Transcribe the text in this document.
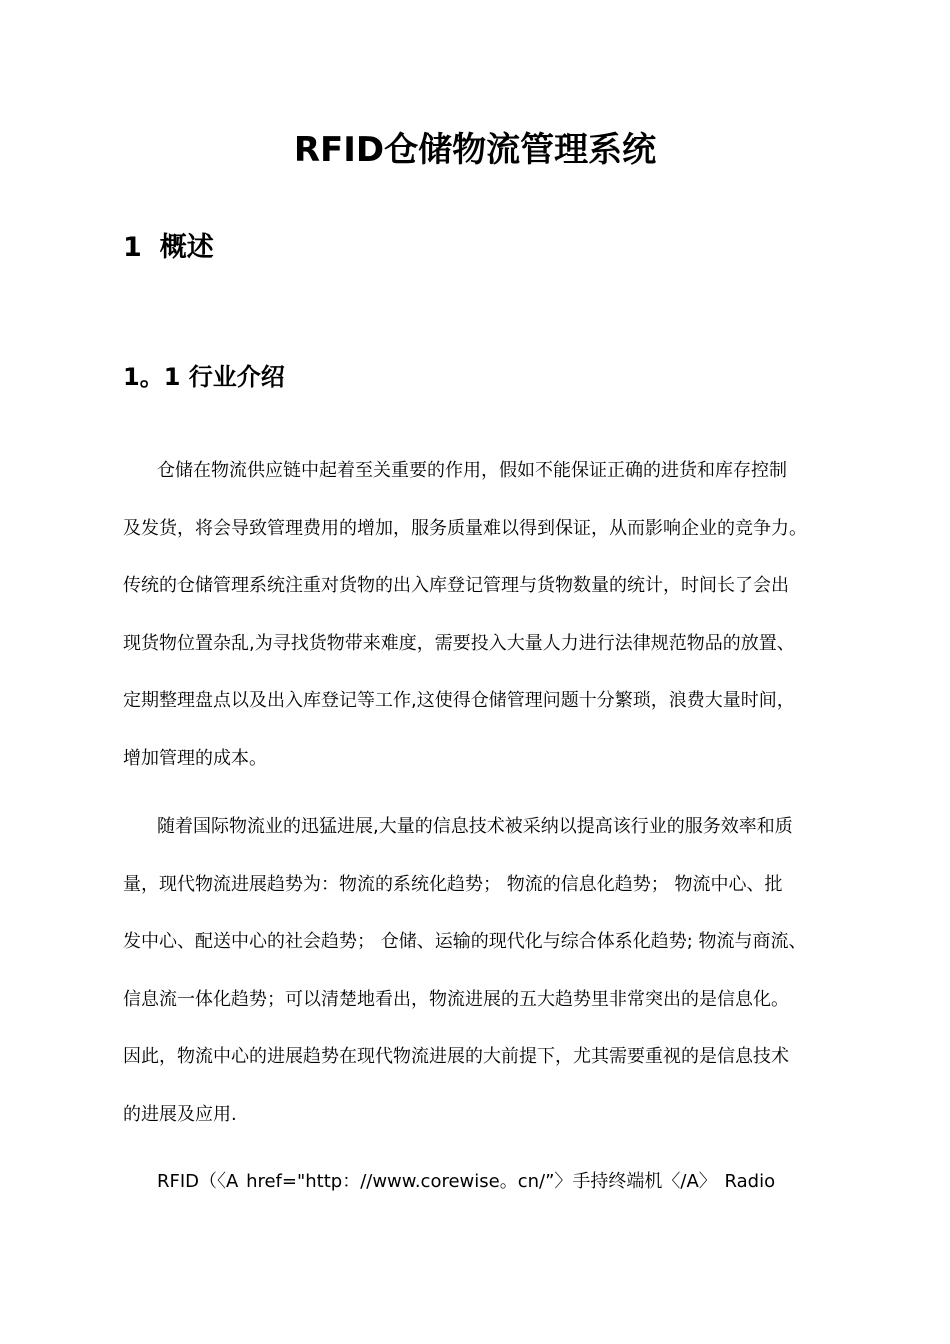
RFID仓储物流管理系统
1 概述
1。1 行业介绍
仓储在物流供应链中起着至关重要的作用，假如不能保证正确的进货和库存控制
及发货，将会导致管理费用的增加，服务质量难以得到保证，从而影响企业的竞争力。
传统的仓储管理系统注重对货物的出入库登记管理与货物数量的统计，时间长了会出
现货物位置杂乱,为寻找货物带来难度，需要投入大量人力进行法律规范物品的放置、
定期整理盘点以及出入库登记等工作,这使得仓储管理问题十分繁琐，浪费大量时间，
增加管理的成本。
随着国际物流业的迅猛进展,大量的信息技术被采纳以提高该行业的服务效率和质
量，现代物流进展趋势为：物流的系统化趋势； 物流的信息化趋势； 物流中心、批
发中心、配送中心的社会趋势； 仓储、运输的现代化与综合体系化趋势; 物流与商流、
信息流一体化趋势；可以清楚地看出，物流进展的五大趋势里非常突出的是信息化。
因此，物流中心的进展趋势在现代物流进展的大前提下，尤其需要重视的是信息技术
的进展及应用.
RFID（〈A href="http：//www.corewise。cn/”〉手持终端机〈/A〉 Radio
